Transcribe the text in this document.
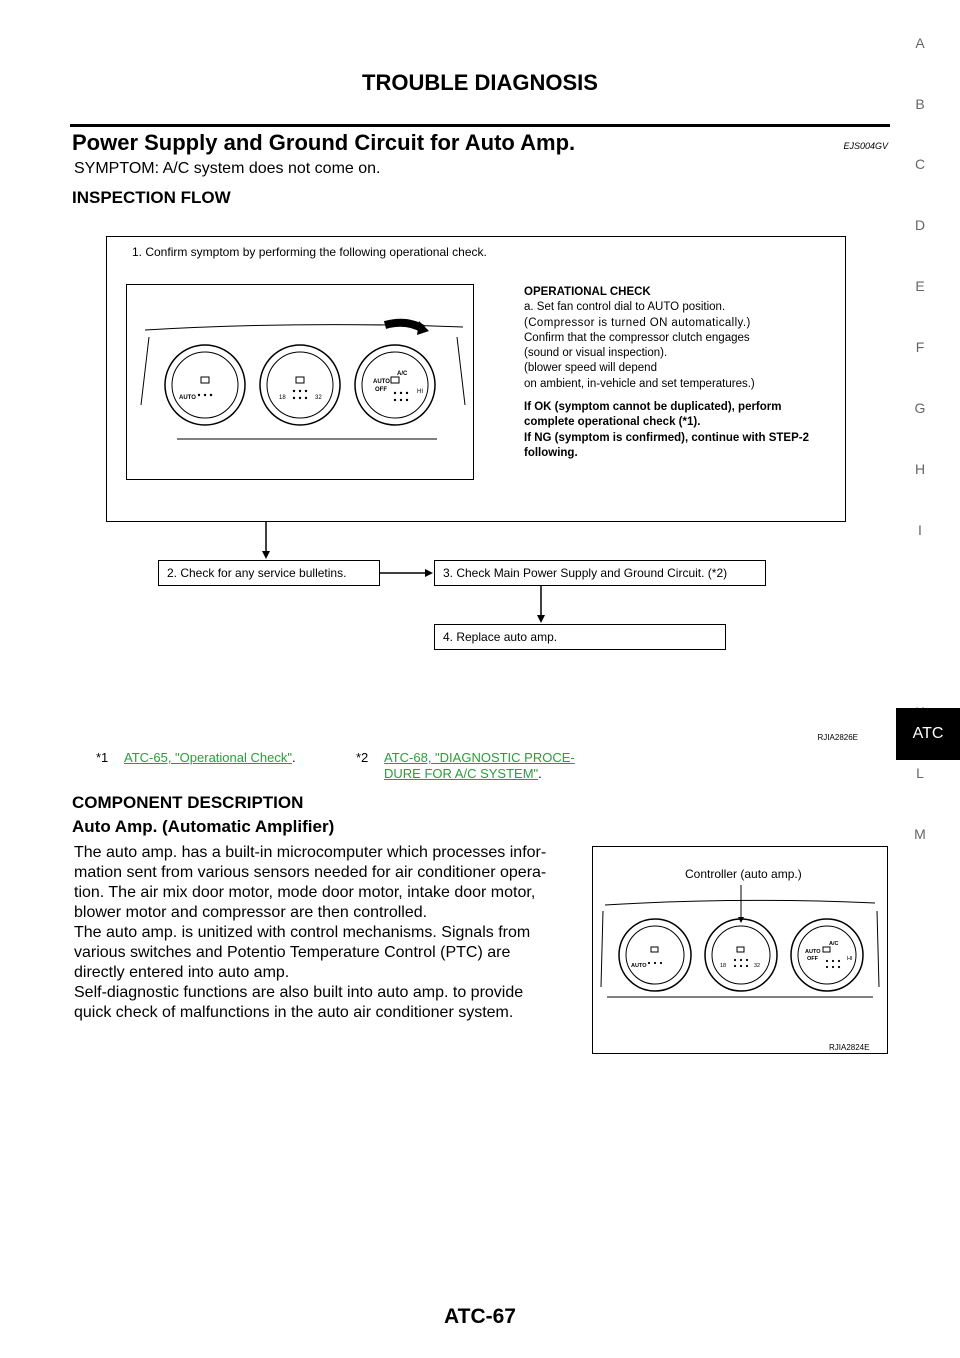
TROUBLE DIAGNOSIS
Power Supply and Ground Circuit for Auto Amp.	EJS004GV
SYMPTOM: A/C system does not come on.
INSPECTION FLOW
A
B
C
D
E
F
G
H
I
L
M
ATC
1. Confirm symptom by performing the following operational check.
AUTO	18	32
AUTO
OFF
A/C
HI
OPERATIONAL CHECK
a. Set fan control dial to AUTO position.
(Compressor is turned ON automatically.)
Confirm that the compressor clutch engages
(sound or visual inspection).
(blower speed will depend
on ambient, in-vehicle and set temperatures.)
If OK (symptom cannot be duplicated), perform
complete operational check (*1).
If NG (symptom is confirmed), continue with STEP-2
following.
2. Check for any service bulletins.	3. Check Main Power Supply and Ground Circuit. (*2)
4. Replace auto amp.
RJIA2826E
*1 ATC-65, "Operational Check".	*2 ATC-68, "DIAGNOSTIC PROCE-
DURE FOR A/C SYSTEM".
COMPONENT DESCRIPTION
Auto Amp. (Automatic Amplifier)
The auto amp. has a built-in microcomputer which processes infor-
mation sent from various sensors needed for air conditioner opera-
tion. The air mix door motor, mode door motor, intake door motor,
blower motor and compressor are then controlled.
The auto amp. is unitized with control mechanisms. Signals from
various switches and Potentio Temperature Control (PTC) are
directly entered into auto amp.
Self-diagnostic functions are also built into auto amp. to provide
quick check of malfunctions in the auto air conditioner system.
Controller (auto amp.)
AUTO	18	32
AUTO
OFF
A/C
HI
RJIA2824E
ATC-67
